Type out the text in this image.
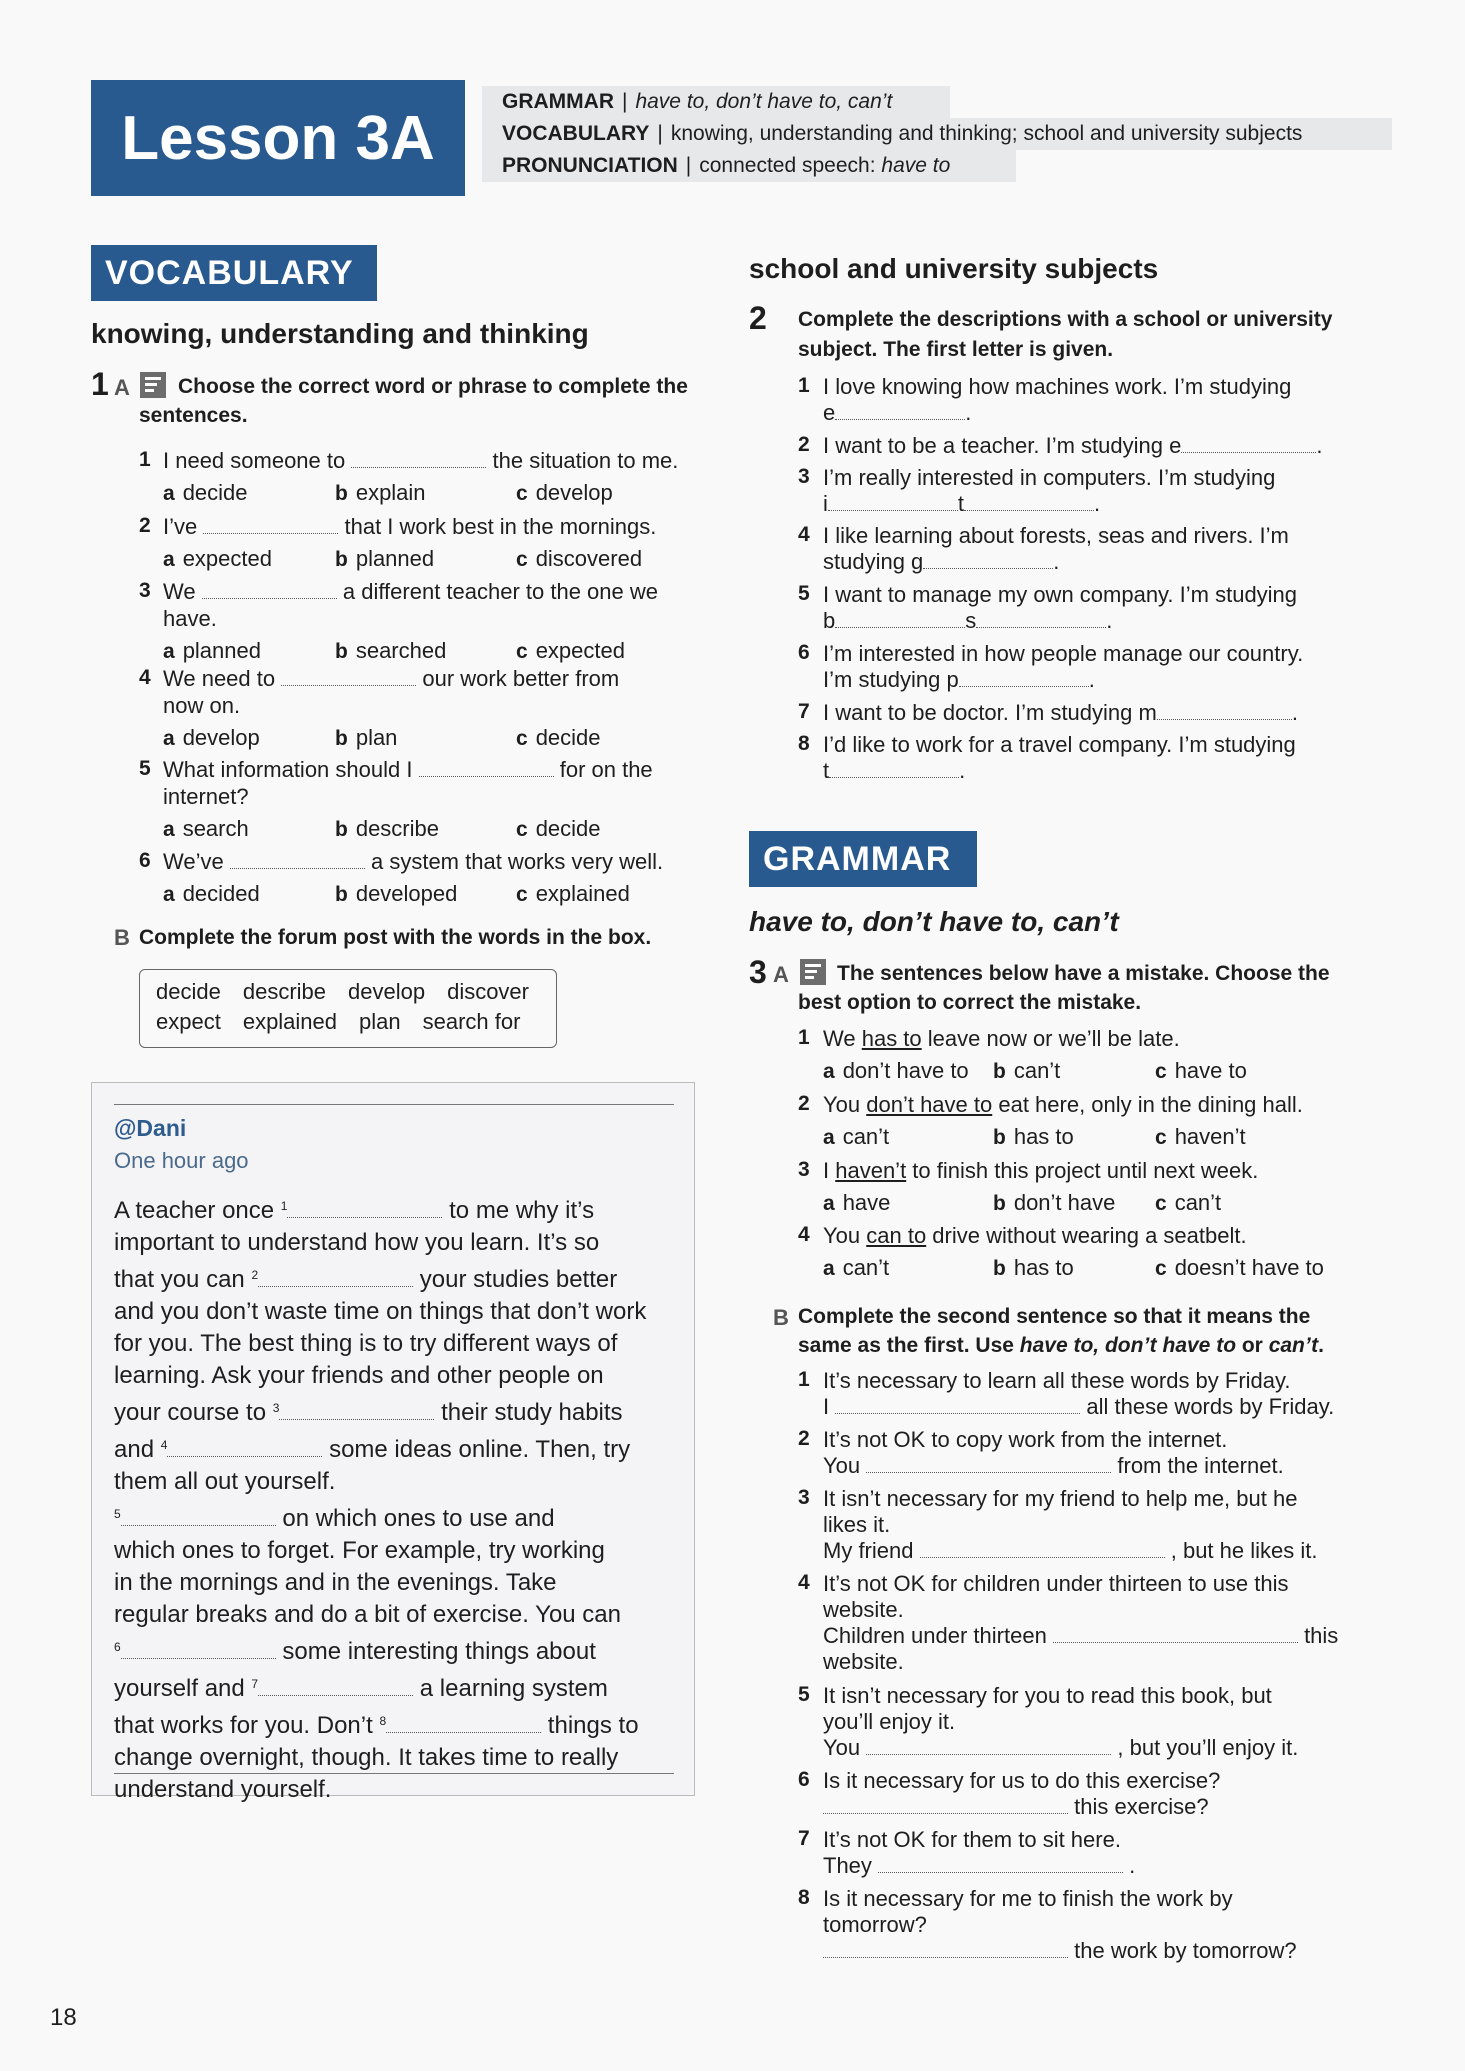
Lesson 3A
GRAMMAR | have to, don’t have to, can’t
VOCABULARY | knowing, understanding and thinking; school and university subjects
PRONUNCIATION | connected speech: have to
VOCABULARY
knowing, understanding and thinking
1 A Choose the correct word or phrase to complete the
sentences.
1 I need someone to	the situation to me.
a decide	b explain	c develop
2 I’ve	that I work best in the mornings.
a expected	b planned	c discovered
3 We	a different teacher to the one we
have.
a planned	b searched	c expected
4 We need to	our work better from
now on.
a develop	b plan	c decide
5 What information should I	for on the
internet?
a search	b describe	c decide
6 We’ve	a system that works very well.
a decided	b developed	c explained
B Complete the forum post with the words in the box.
decide describe develop discover
expect explained plan search for
@Dani
One hour ago
A teacher once $^1$	to me why it’s
important to understand how you learn. It’s so
that you can $^2$	your studies better
and you don’t waste time on things that don’t work
for you. The best thing is to try different ways of
learning. Ask your friends and other people on
your course to $^3$	their study habits
and $^4$	some ideas online. Then, try
them all out yourself.
$^5$	on which ones to use and
which ones to forget. For example, try working
in the mornings and in the evenings. Take
regular breaks and do a bit of exercise. You can
$^6$	some interesting things about
yourself and $^7$	a learning system
that works for you. Don’t $^8$	things to
change overnight, though. It takes time to really
understand yourself.
school and university subjects
2 Complete the descriptions with a school or university
subject. The first letter is given.
1 I love knowing how machines work. I’m studying
e	.
2 I want to be a teacher. I’m studying e	.
3 I’m really interested in computers. I’m studying
i	t	.
4 I like learning about forests, seas and rivers. I’m
studying g	.
5 I want to manage my own company. I’m studying
b	s	.
6 I’m interested in how people manage our country.
I’m studying p	.
7 I want to be doctor. I’m studying m	.
8 I’d like to work for a travel company. I’m studying
t	.
GRAMMAR
have to, don’t have to, can’t
3 A The sentences below have a mistake. Choose the
best option to correct the mistake.
1 We has to leave now or we’ll be late.
a don’t have to b can’t	c have to
2 You don’t have to eat here, only in the dining hall.
a can’t	b has to	c haven’t
3 I haven’t to finish this project until next week.
a have	b don’t have c can’t
4 You can to drive without wearing a seatbelt.
a can’t	b has to	c doesn’t have to
B Complete the second sentence so that it means the
same as the first. Use have to, don’t have to or can’t.
1 It’s necessary to learn all these words by Friday.
I	all these words by Friday.
2 It’s not OK to copy work from the internet.
You	from the internet.
3 It isn’t necessary for my friend to help me, but he
likes it.
My friend	, but he likes it.
4 It’s not OK for children under thirteen to use this
website.
Children under thirteen	this
website.
5 It isn’t necessary for you to read this book, but
you’ll enjoy it.
You	, but you’ll enjoy it.
6 Is it necessary for us to do this exercise?
this exercise?
7 It’s not OK for them to sit here.
They	.
8 Is it necessary for me to finish the work by
tomorrow?
the work by tomorrow?
18
